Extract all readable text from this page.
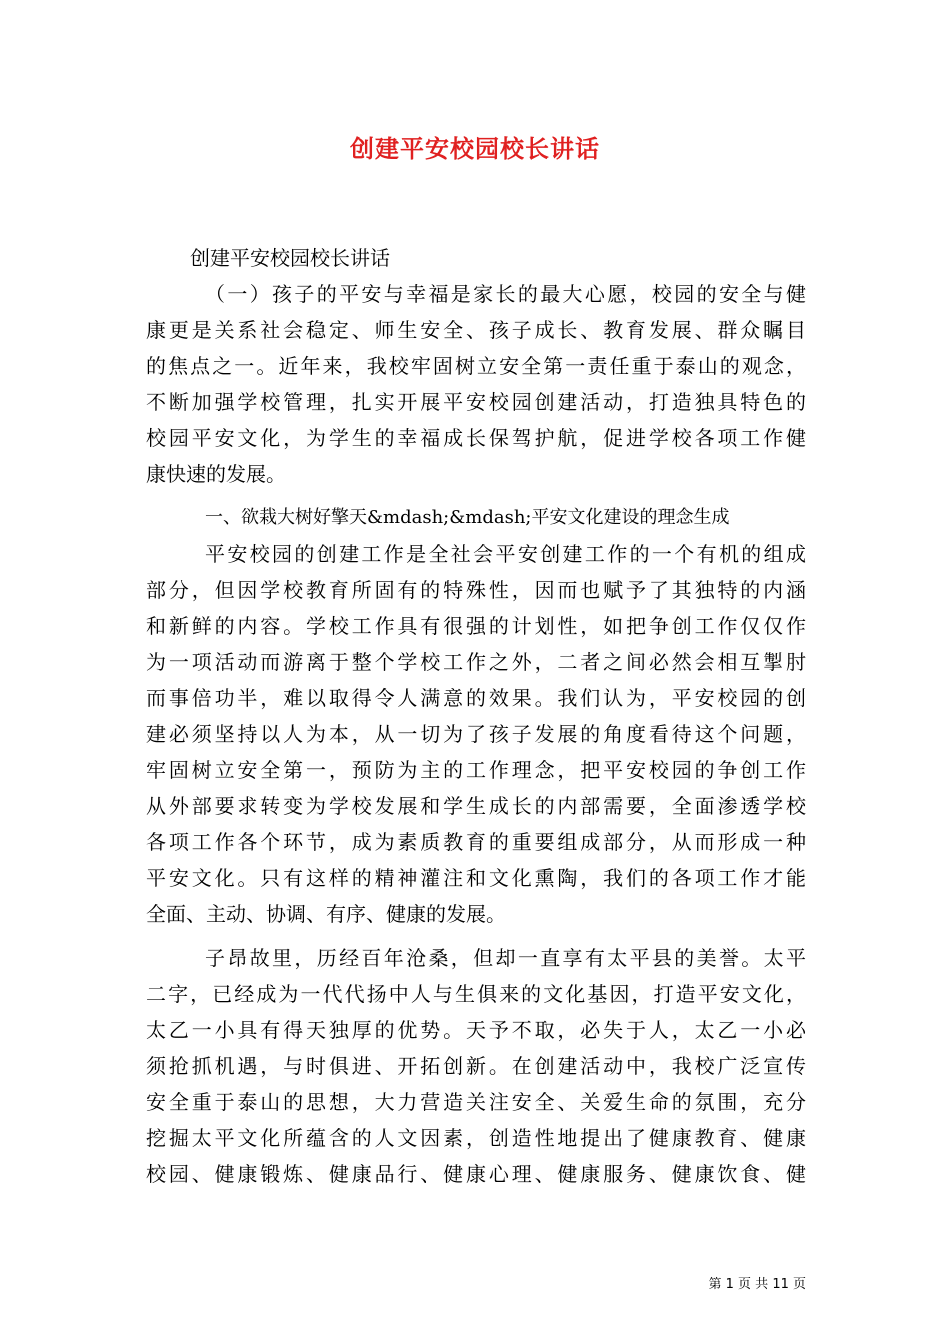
创建平安校园校长讲话
创建平安校园校长讲话
（一）孩子的平安与幸福是家长的最大心愿，校园的安全与健
康更是关系社会稳定、师生安全、孩子成长、教育发展、群众瞩目
的焦点之一。近年来，我校牢固树立安全第一责任重于泰山的观念，
不断加强学校管理，扎实开展平安校园创建活动，打造独具特色的
校园平安文化，为学生的幸福成长保驾护航，促进学校各项工作健
康快速的发展。
一、欲栽大树好擎天&mdash;&mdash;平安文化建设的理念生成
平安校园的创建工作是全社会平安创建工作的一个有机的组成
部分，但因学校教育所固有的特殊性，因而也赋予了其独特的内涵
和新鲜的内容。学校工作具有很强的计划性，如把争创工作仅仅作
为一项活动而游离于整个学校工作之外，二者之间必然会相互掣肘
而事倍功半，难以取得令人满意的效果。我们认为，平安校园的创
建必须坚持以人为本，从一切为了孩子发展的角度看待这个问题，
牢固树立安全第一，预防为主的工作理念，把平安校园的争创工作
从外部要求转变为学校发展和学生成长的内部需要，全面渗透学校
各项工作各个环节，成为素质教育的重要组成部分，从而形成一种
平安文化。只有这样的精神灌注和文化熏陶，我们的各项工作才能
全面、主动、协调、有序、健康的发展。
子昂故里，历经百年沧桑，但却一直享有太平县的美誉。太平
二字，已经成为一代代扬中人与生俱来的文化基因，打造平安文化，
太乙一小具有得天独厚的优势。天予不取，必失于人，太乙一小必
须抢抓机遇，与时俱进、开拓创新。在创建活动中，我校广泛宣传
安全重于泰山的思想，大力营造关注安全、关爱生命的氛围，充分
挖掘太平文化所蕴含的人文因素，创造性地提出了健康教育、健康
校园、健康锻炼、健康品行、健康心理、健康服务、健康饮食、健
第 1 页 共 11 页
